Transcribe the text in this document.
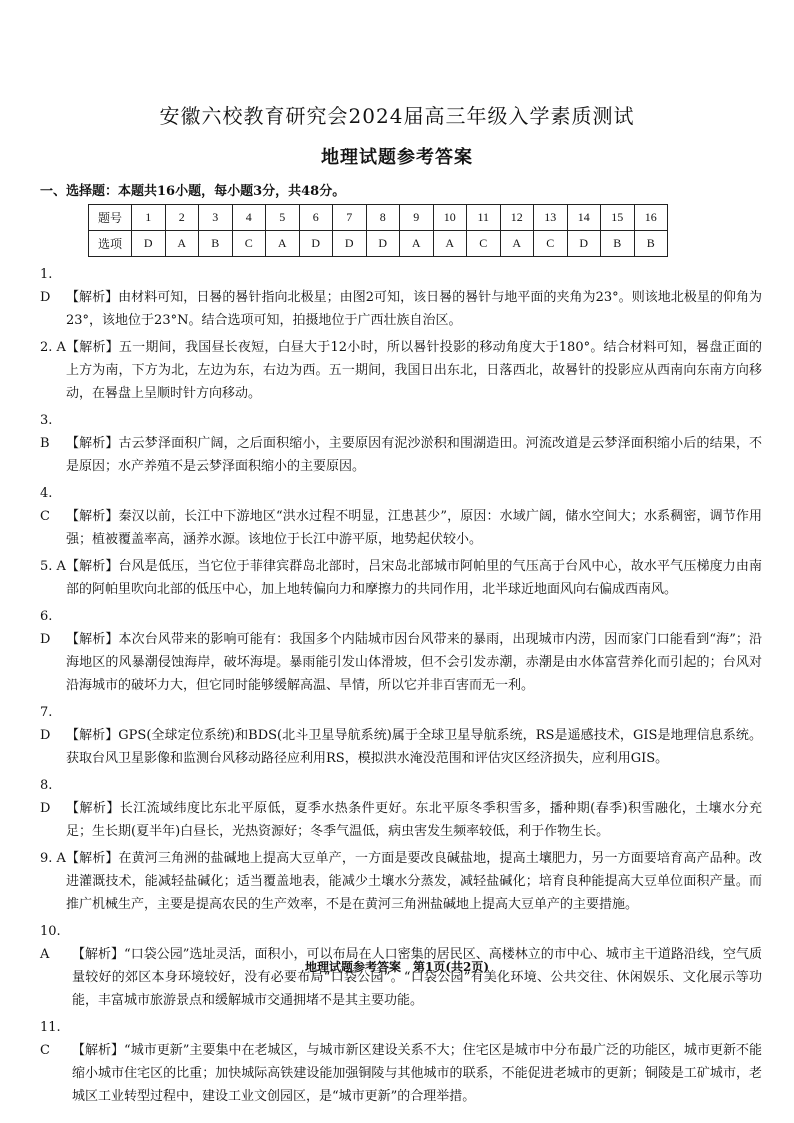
安徽六校教育研究会2024届高三年级入学素质测试
地理试题参考答案
一、选择题：本题共16小题，每小题3分，共48分。
题号	1	2	3	4	5	6	7	8	9	10	11	12	13	14	15	16
选项	D	A	B	C	A	D	D	D	A	A	C	A	C	D	B	B
1. D 【解析】由材料可知，日晷的晷针指向北极星；由图2可知，该日晷的晷针与地平面的夹角为23°。则该地北极星的仰角为23°，该地位于23°N。结合选项可知，拍摄地位于广西壮族自治区。
2. A 【解析】五一期间，我国昼长夜短，白昼大于12小时，所以晷针投影的移动角度大于180°。结合材料可知，晷盘正面的上方为南，下方为北，左边为东，右边为西。五一期间，我国日出东北，日落西北，故晷针的投影应从西南向东南方向移动，在晷盘上呈顺时针方向移动。
3. B 【解析】古云梦泽面积广阔，之后面积缩小，主要原因有泥沙淤积和围湖造田。河流改道是云梦泽面积缩小后的结果，不是原因；水产养殖不是云梦泽面积缩小的主要原因。
4. C 【解析】秦汉以前，长江中下游地区“洪水过程不明显，江患甚少”，原因：水域广阔，储水空间大；水系稠密，调节作用强；植被覆盖率高，涵养水源。该地位于长江中游平原，地势起伏较小。
5. A 【解析】台风是低压，当它位于菲律宾群岛北部时，吕宋岛北部城市阿帕里的气压高于台风中心，故水平气压梯度力由南部的阿帕里吹向北部的低压中心，加上地转偏向力和摩擦力的共同作用，北半球近地面风向右偏成西南风。
6. D 【解析】本次台风带来的影响可能有：我国多个内陆城市因台风带来的暴雨，出现城市内涝，因而家门口能看到“海”；沿海地区的风暴潮侵蚀海岸，破坏海堤。暴雨能引发山体滑坡，但不会引发赤潮，赤潮是由水体富营养化而引起的；台风对沿海城市的破坏力大，但它同时能够缓解高温、旱情，所以它并非百害而无一利。
7. D 【解析】GPS(全球定位系统)和BDS(北斗卫星导航系统)属于全球卫星导航系统，RS是遥感技术，GIS是地理信息系统。获取台风卫星影像和监测台风移动路径应利用RS，模拟洪水淹没范围和评估灾区经济损失，应利用GIS。
8. D 【解析】长江流域纬度比东北平原低，夏季水热条件更好。东北平原冬季积雪多，播种期(春季)积雪融化，土壤水分充足；生长期(夏半年)白昼长，光热资源好；冬季气温低，病虫害发生频率较低，利于作物生长。
9. A 【解析】在黄河三角洲的盐碱地上提高大豆单产，一方面是要改良碱盐地，提高土壤肥力，另一方面要培育高产品种。改进灌溉技术，能减轻盐碱化；适当覆盖地表，能减少土壤水分蒸发，减轻盐碱化；培育良种能提高大豆单位面积产量。而推广机械生产，主要是提高农民的生产效率，不是在黄河三角洲盐碱地上提高大豆单产的主要措施。
10. A 【解析】“口袋公园”选址灵活，面积小，可以布局在人口密集的居民区、高楼林立的市中心、城市主干道路沿线，空气质量较好的郊区本身环境较好，没有必要布局“口袋公园”。“口袋公园”有美化环境、公共交往、休闲娱乐、文化展示等功能，丰富城市旅游景点和缓解城市交通拥堵不是其主要功能。
11. C 【解析】“城市更新”主要集中在老城区，与城市新区建设关系不大；住宅区是城市中分布最广泛的功能区，城市更新不能缩小城市住宅区的比重；加快城际高铁建设能加强铜陵与其他城市的联系，不能促进老城市的更新；铜陵是工矿城市，老城区工业转型过程中，建设工业文创园区，是“城市更新”的合理举措。
地理试题参考答案　第1页(共2页)
